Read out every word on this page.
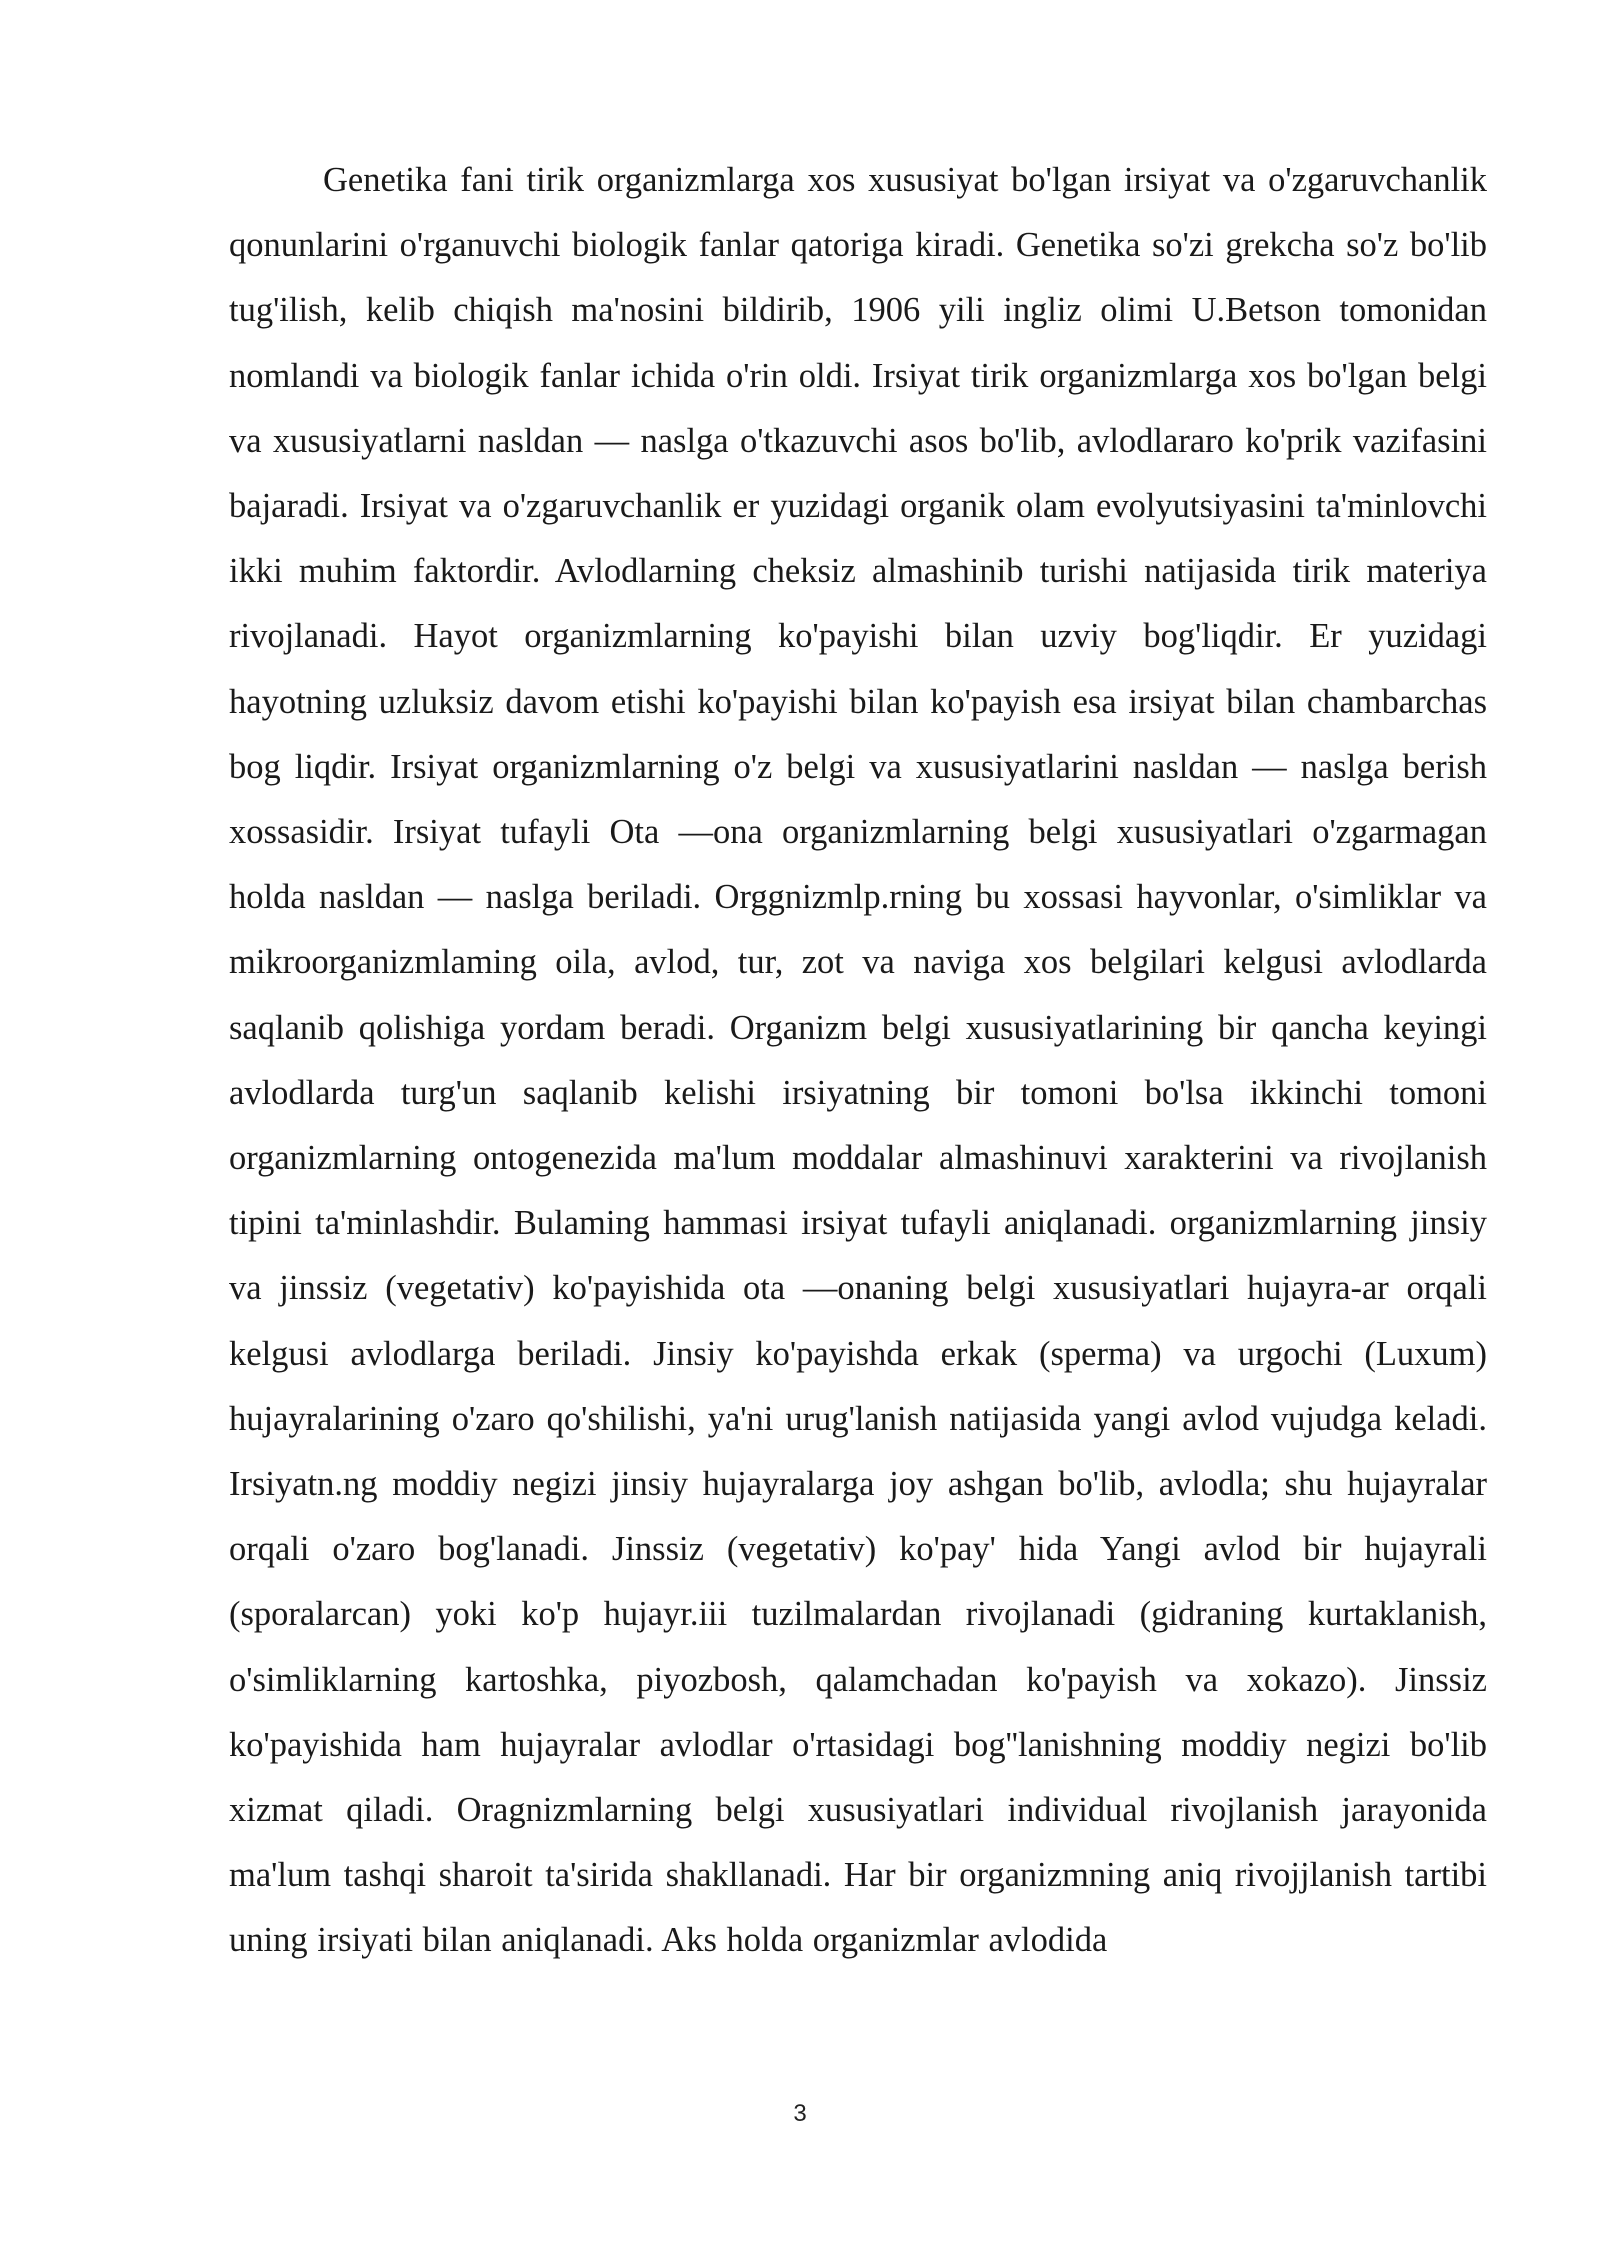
Genetika fani tirik organizmlarga xos xususiyat bo'lgan irsiyat va o'zgaruvchanlik qonunlarini o'rganuvchi biologik fanlar qatoriga kiradi. Genetika so'zi grekcha so'z bo'lib tug'ilish, kelib chiqish ma'nosini bildirib, 1906 yili ingliz olimi U.Betson tomonidan nomlandi va biologik fanlar ichida o'rin oldi. Irsiyat tirik organizmlarga xos bo'lgan belgi va xususiyatlarni nasldan — naslga o'tkazuvchi asos bo'lib, avlodlararo ko'prik vazifasini bajaradi. Irsiyat va o'zgaruvchanlik er yuzidagi organik olam evolyutsiyasini ta'minlovchi ikki muhim faktordir. Avlodlarning cheksiz almashinib turishi natijasida tirik materiya rivojlanadi. Hayot organizmlarning ko'payishi bilan uzviy bog'liqdir. Er yuzidagi hayotning uzluksiz davom etishi ko'payishi bilan ko'payish esa irsiyat bilan chambarchas bog liqdir. Irsiyat organizmlarning o'z belgi va xususiyatlarini nasldan — naslga berish xossasidir. Irsiyat tufayli Ota —ona organizmlarning belgi xususiyatlari o'zgarmagan holda nasldan — naslga beriladi. Orggnizmlp.rning bu xossasi hayvonlar, o'simliklar va mikroorganizmlaming oila, avlod, tur, zot va naviga xos belgilari kelgusi avlodlarda saqlanib qolishiga yordam beradi. Organizm belgi xususiyatlarining bir qancha keyingi avlodlarda turg'un saqlanib kelishi irsiyatning bir tomoni bo'lsa ikkinchi tomoni organizmlarning ontogenezida ma'lum moddalar almashinuvi xarakterini va rivojlanish tipini ta'minlashdir. Bulaming hammasi irsiyat tufayli aniqlanadi. organizmlarning jinsiy va jinssiz (vegetativ) ko'payishida ota —onaning belgi xususiyatlari hujayra-ar orqali kelgusi avlodlarga beriladi. Jinsiy ko'payishda erkak (sperma) va urgochi (Luxum) hujayralarining o'zaro qo'shilishi, ya'ni urug'lanish natijasida yangi avlod vujudga keladi. Irsiyatn.ng moddiy negizi jinsiy hujayralarga joy ashgan bo'lib, avlodla; shu hujayralar orqali o'zaro bog'lanadi. Jinssiz (vegetativ) ko'pay' hida Yangi avlod bir hujayrali (sporalarcan) yoki ko'p hujayr.iii tuzilmalardan rivojlanadi (gidraning kurtaklanish, o'simliklarning kartoshka, piyozbosh, qalamchadan ko'payish va xokazo). Jinssiz ko'payishida ham hujayralar avlodlar o'rtasidagi bog''lanishning moddiy negizi bo'lib xizmat qiladi. Oragnizmlarning belgi xususiyatlari individual rivojlanish jarayonida ma'lum tashqi sharoit ta'sirida shakllanadi. Har bir organizmning aniq rivojjlanish tartibi uning irsiyati bilan aniqlanadi. Aks holda organizmlar avlodida

3
